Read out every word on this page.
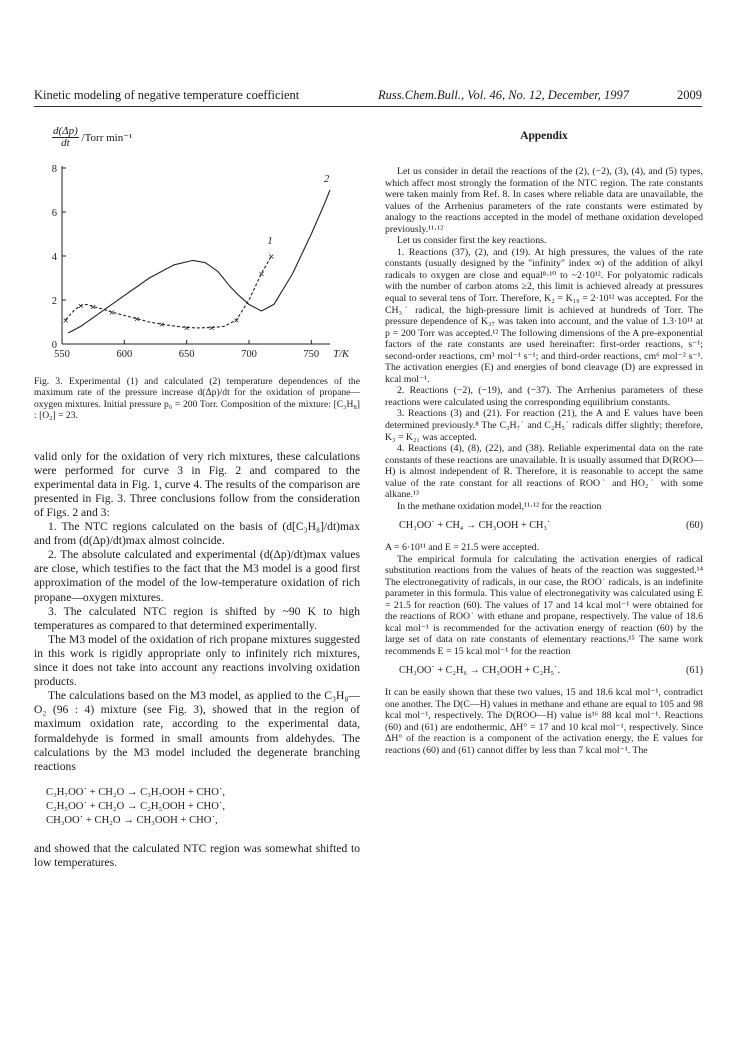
Kinetic modeling of negative temperature coefficient	Russ.Chem.Bull., Vol. 46, No. 12, December, 1997	2009
$\frac{d(\Delta p)}{dt}$ /Torr min⁻¹
0
2
4
6
8
550	600	650	700	750 T/K
×
× ×
×
×
× × ×
×
×
×
1
2
Fig. 3. Experimental (1) and calculated (2) temperature dependences of the maximum rate of the pressure increase d(Δp)/dt for the oxidation of propane—oxygen mixtures. Initial pressure p₀ = 200 Torr. Composition of the mixture: [C₃H₈] : [O₂] = 23.

valid only for the oxidation of very rich mixtures, these calculations were performed for curve 3 in Fig. 2 and compared to the experimental data in Fig. 1, curve 4. The results of the comparison are presented in Fig. 3. Three conclusions follow from the consideration of Figs. 2 and 3:

1. The NTC regions calculated on the basis of (d[C₃H₈]/dt)max and from (d(Δp)/dt)max almost coincide.

2. The absolute calculated and experimental (d(Δp)/dt)max values are close, which testifies to the fact that the M3 model is a good first approximation of the model of the low-temperature oxidation of rich propane—oxygen mixtures.

3. The calculated NTC region is shifted by ~90 K to high temperatures as compared to that determined experimentally.

The M3 model of the oxidation of rich propane mixtures suggested in this work is rigidly appropriate only to infinitely rich mixtures, since it does not take into account any reactions involving oxidation products.

The calculations based on the M3 model, as applied to the C₃H₈—O₂ (96 : 4) mixture (see Fig. 3), showed that in the region of maximum oxidation rate, according to the experimental data, formaldehyde is formed in small amounts from aldehydes. The calculations by the M3 model included the degenerate branching reactions

C₃H₇OO˙ + CH₂O → C₃H₇OOH + CHO˙,
C₂H₅OO˙ + CH₂O → C₂H₅OOH + CHO˙,
CH₃OO˙ + CH₂O → CH₃OOH + CHO˙,

and showed that the calculated NTC region was somewhat shifted to low temperatures.

Appendix

Let us consider in detail the reactions of the (2), (−2), (3), (4), and (5) types, which affect most strongly the formation of the NTC region. The rate constants were taken mainly from Ref. 8. In cases where reliable data are unavailable, the values of the Arrhenius parameters of the rate constants were estimated by analogy to the reactions accepted in the model of methane oxidation developed previously.¹¹·¹²

Let us consider first the key reactions.

1. Reactions (37), (2), and (19). At high pressures, the values of the rate constants (usually designed by the "infinity" index ∞) of the addition of alkyl radicals to oxygen are close and equal⁸·¹⁰ to ~2·10¹². For polyatomic radicals with the number of carbon atoms ≥2, this limit is achieved already at pressures equal to several tens of Torr. Therefore, K₂ = K₁₉ = 2·10¹² was accepted. For the CH₃˙ radical, the high-pressure limit is achieved at hundreds of Torr. The pressure dependence of K₃₇ was taken into account, and the value of 1.3·10¹¹ at p = 200 Torr was accepted.¹² The following dimensions of the A pre-exponential factors of the rate constants are used hereinafter: first-order reactions, s⁻¹; second-order reactions, cm³ mol⁻¹ s⁻¹; and third-order reactions, cm⁶ mol⁻² s⁻¹. The activation energies (E) and energies of bond cleavage (D) are expressed in kcal mol⁻¹.

2. Reactions (−2), (−19), and (−37). The Arrhenius parameters of these reactions were calculated using the corresponding equilibrium constants.

3. Reactions (3) and (21). For reaction (21), the A and E values have been determined previously.⁸ The C₃H₇˙ and C₂H₅˙ radicals differ slightly; therefore, K₃ = K₂₁ was accepted.

4. Reactions (4), (8), (22), and (38). Reliable experimental data on the rate constants of these reactions are unavailable. It is usually assumed that D(ROO—H) is almost independent of R. Therefore, it is reasonable to accept the same value of the rate constant for all reactions of ROO˙ and HO₂˙ with some alkane.¹³

In the methane oxidation model,¹¹·¹² for the reaction

CH₃OO˙ + CH₄ → CH₃OOH + CH₃˙	(60)

A = 6·10¹¹ and E = 21.5 were accepted.

The empirical formula for calculating the activation energies of radical substitution reactions from the values of heats of the reaction was suggested.¹⁴ The electronegativity of radicals, in our case, the ROO˙ radicals, is an indefinite parameter in this formula. This value of electronegativity was calculated using E = 21.5 for reaction (60). The values of 17 and 14 kcal mol⁻¹ were obtained for the reactions of ROO˙ with ethane and propane, respectively. The value of 18.6 kcal mol⁻¹ is recommended for the activation energy of reaction (60) by the large set of data on rate constants of elementary reactions.¹⁵ The same work recommends E = 15 kcal mol⁻¹ for the reaction

CH₃OO˙ + C₂H₆ → CH₃OOH + C₂H₅˙.	(61)

It can be easily shown that these two values, 15 and 18.6 kcal mol⁻¹, contradict one another. The D(C—H) values in methane and ethane are equal to 105 and 98 kcal mol⁻¹, respectively. The D(ROO—H) value is¹⁶ 88 kcal mol⁻¹. Reactions (60) and (61) are endothermic, ΔH° = 17 and 10 kcal mol⁻¹, respectively. Since ΔH° of the reaction is a component of the activation energy, the E values for reactions (60) and (61) cannot differ by less than 7 kcal mol⁻¹. The
